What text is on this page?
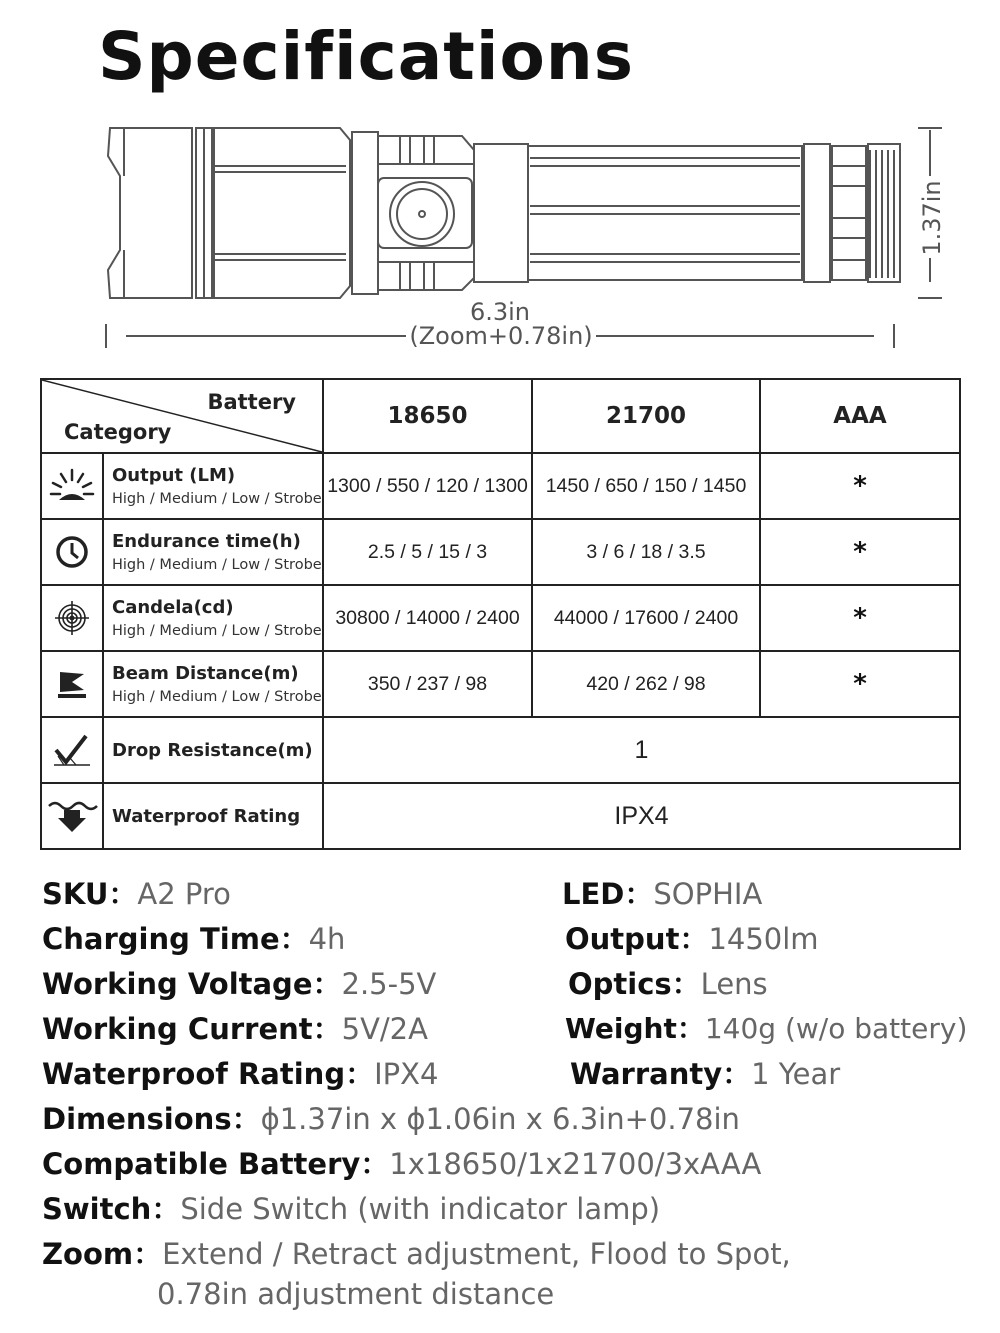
Specifications
1.37in
6.3in
(Zoom+0.78in)
Battery
Category		18650	21700	AAA

Output (LM)
High / Medium / Low / Strobe	1300 / 550 / 120 / 1300	1450 / 650 / 150 / 1450	*

Endurance time(h)
High / Medium / Low / Strobe	2.5 / 5 / 15 / 3	3 / 6 / 18 / 3.5	*

Candela(cd)
High / Medium / Low / Strobe	30800 / 14000 / 2400	44000 / 17600 / 2400	*

Beam Distance(m)
High / Medium / Low / Strobe	350 / 237 / 98	420 / 262 / 98	*

Drop Resistance(m)	1		

Waterproof Rating	IPX4		
SKU：A2 Pro	LED：SOPHIA
Charging Time：4h	Output：1450lm
Working Voltage：2.5-5V	Optics：Lens
Working Current：5V/2A	Weight：140g (w/o battery)
Waterproof Rating：IPX4	Warranty：1 Year
Dimensions：ϕ1.37in x ϕ1.06in x 6.3in+0.78in
Compatible Battery：1x18650/1x21700/3xAAA
Switch：Side Switch (with indicator lamp)
Zoom：Extend / Retract adjustment, Flood to Spot,
0.78in adjustment distance
